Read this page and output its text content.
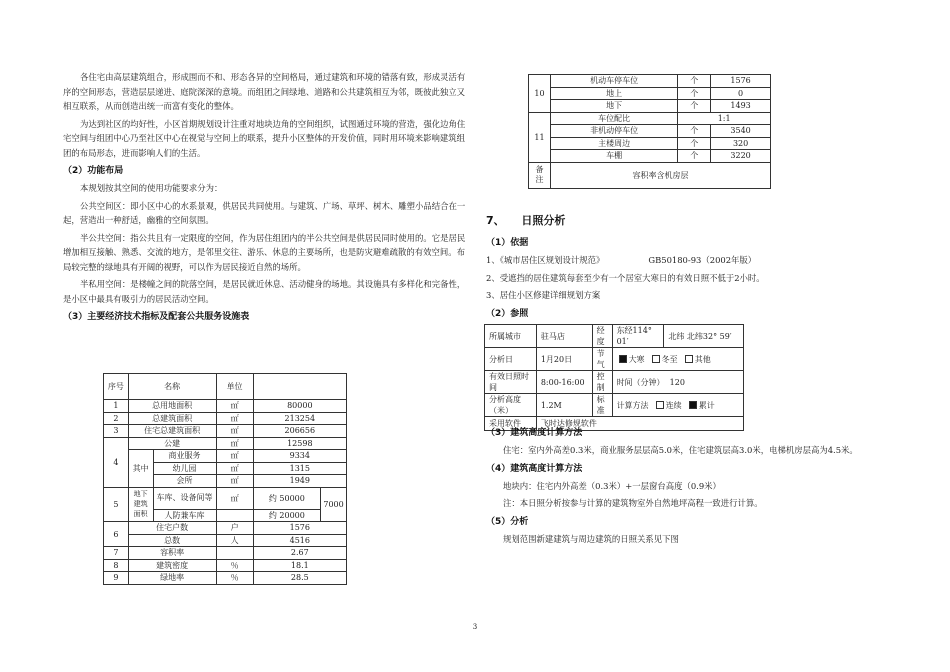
各住宅由高层建筑组合，形成围而不和、形态各异的空间格局，通过建筑和环境的错落有致，形成灵活有序的空间形态，营造层层递进、庭院深深的意境。而组团之间绿地、道路和公共建筑相互为邻，既彼此独立又相互联系，从而创造出统一而富有变化的整体。

为达到社区的均好性，小区首期规划设计注重对地块边角的空间组织，试图通过环境的营造，强化边角住宅空间与组团中心乃至社区中心在视觉与空间上的联系，提升小区整体的开发价值，同时用环境来影响建筑组团的布局形态，进而影响人们的生活。

（2）功能布局

本规划按其空间的使用功能要求分为：

公共空间区：即小区中心的水系景观，供居民共同使用。与建筑、广场、草坪、树木、雕塑小品结合在一起，营造出一种舒适，幽雅的空间氛围。

半公共空间：指公共且有一定限度的空间，作为居住组团内的半公共空间是供居民同时使用的。它是居民增加相互接触、熟悉、交流的地方，是邻里交往、游乐、休息的主要场所，也是防灾避难疏散的有效空间。布局较完整的绿地具有开阔的视野，可以作为居民接近自然的场所。

半私用空间：是楼幢之间的院落空间，是居民就近休息、活动健身的场地。其设施具有多样化和完备性，是小区中最具有吸引力的居民活动空间。

（3）主要经济技术指标及配套公共服务设施表
序号	名称		单位		
1	总用地面积		㎡	80000	
2	总建筑面积		㎡	213254	
3	住宅总建筑面积		㎡	206656	
4	公建		㎡	12598	
	其中	商业服务	㎡	9334	
		幼儿园	㎡	1315	
		会所	㎡	1949	
5	地下建筑面积	车库、设备间等	㎡	约 50000	7000
		人防兼车库		约 20000	
6	住宅户数		户	1576	
	总数		人	4516	
7	容积率			2.67	
8	建筑密度		％	18.1	
9	绿地率		％	28.5	
10	机动车停车位	个	1576
	地上	个	0
	地下	个	1493
11	车位配比	1:1	
	非机动停车位	个	3540
	主楼周边	个	320
	车棚	个	3220
备注	容积率含机房层		
7、 日照分析
（1）依据

1、《城市居住区规划设计规范》	GB50180-93（2002年版）

2、受遮挡的居住建筑每套至少有一个居室大寒日的有效日照不低于2小时。

3、居住小区修建详细规划方案

（2）参照
所属城市	驻马店	经度	东经114° 01′	北纬 北纬32° 59′
分析日	1月20日	节气	大寒 冬至 其他	
有效日照时间	8:00-16:00	控制	时间（分钟） 120	
分析高度（米）	1.2M	标准	计算方法 连续 累计	
采用软件	飞时达修规软件			
（3）建筑高度计算方法

住宅：室内外高差0.3米，商业服务层层高5.0米，住宅建筑层高3.0米，电梯机房层高为4.5米。

（4）建筑高度计算方法

地块内：住宅内外高差（0.3米）+一层窗台高度（0.9米）

注：本日照分析按参与计算的建筑物室外自然地坪高程一致进行计算。

（5）分析

规划范围新建建筑与周边建筑的日照关系见下图

3
